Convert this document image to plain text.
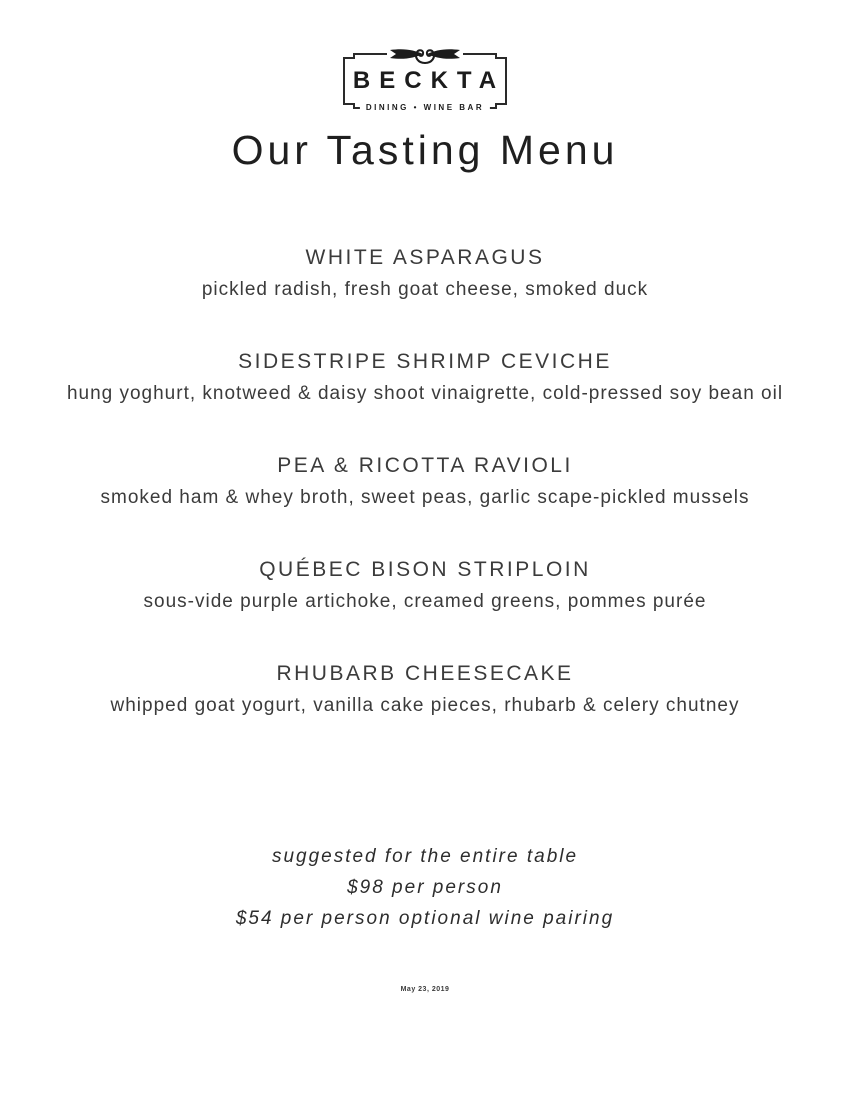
BECKTA
DINING • WINE BAR
Our Tasting Menu
WHITE ASPARAGUS
pickled radish, fresh goat cheese, smoked duck
SIDESTRIPE SHRIMP CEVICHE
hung yoghurt, knotweed & daisy shoot vinaigrette, cold-pressed soy bean oil
PEA & RICOTTA RAVIOLI
smoked ham & whey broth, sweet peas, garlic scape-pickled mussels
QUÉBEC BISON STRIPLOIN
sous-vide purple artichoke, creamed greens, pommes purée
RHUBARB CHEESECAKE
whipped goat yogurt, vanilla cake pieces, rhubarb & celery chutney
suggested for the entire table
$98 per person
$54 per person optional wine pairing
May 23, 2019
